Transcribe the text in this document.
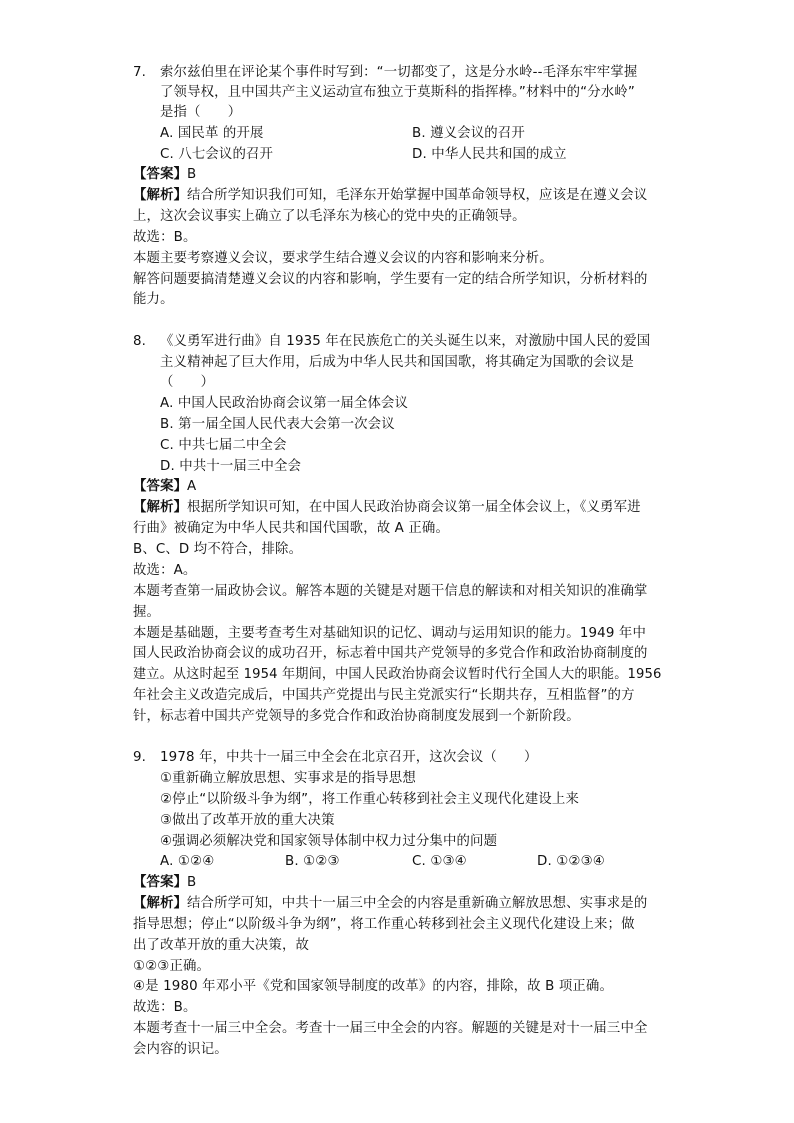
7. 索尔兹伯里在评论某个事件时写到：“一切都变了，这是分水岭--毛泽东牢牢掌握
了领导权，且中国共产主义运动宣布独立于莫斯科的指挥棒。”材料中的“分水岭”
是指（　　）
A. 国民革 的开展	B. 遵义会议的召开
C. 八七会议的召开	D. 中华人民共和国的成立
【答案】 B
【解析】 结合所学知识我们可知，毛泽东开始掌握中国革命领导权，应该是在遵义会议
上，这次会议事实上确立了以毛泽东为核心的党中央的正确领导。
故选：B。
本题主要考察遵义会议，要求学生结合遵义会议的内容和影响来分析。
解答问题要搞清楚遵义会议的内容和影响，学生要有一定的结合所学知识，分析材料的
能力。
8. 《义勇军进行曲》自 1935 年在民族危亡的关头诞生以来，对激励中国人民的爱国
主义精神起了巨大作用，后成为中华人民共和国国歌，将其确定为国歌的会议是
（　　）
A. 中国人民政治协商会议第一届全体会议
B. 第一届全国人民代表大会第一次会议
C. 中共七届二中全会
D. 中共十一届三中全会
【答案】 A
【解析】 根据所学知识可知，在中国人民政治协商会议第一届全体会议上，《义勇军进
行曲》被确定为中华人民共和国代国歌，故 A 正确。
B、C、D 均不符合，排除。
故选：A。
本题考查第一届政协会议。解答本题的关键是对题干信息的解读和对相关知识的准确掌
握。
本题是基础题，主要考查考生对基础知识的记忆、调动与运用知识的能力。1949 年中
国人民政治协商会议的成功召开，标志着中国共产党领导的多党合作和政治协商制度的
建立。从这时起至 1954 年期间，中国人民政治协商会议暂时代行全国人大的职能。1956
年社会主义改造完成后，中国共产党提出与民主党派实行“长期共存，互相监督”的方
针，标志着中国共产党领导的多党合作和政治协商制度发展到一个新阶段。
9. 1978 年，中共十一届三中全会在北京召开，这次会议（　　）
①重新确立解放思想、实事求是的指导思想
②停止“以阶级斗争为纲”，将工作重心转移到社会主义现代化建设上来
③做出了改革开放的重大决策
④强调必须解决党和国家领导体制中权力过分集中的问题
A. ①②④	B. ①②③	C. ①③④	D. ①②③④
【答案】 B
【解析】 结合所学可知，中共十一届三中全会的内容是重新确立解放思想、实事求是的
指导思想；停止“以阶级斗争为纲”，将工作重心转移到社会主义现代化建设上来；做
出了改革开放的重大决策，故
①②③正确。
④是 1980 年邓小平《党和国家领导制度的改革》的内容，排除，故 B 项正确。
故选：B。
本题考查十一届三中全会。考查十一届三中全会的内容。解题的关键是对十一届三中全
会内容的识记。
